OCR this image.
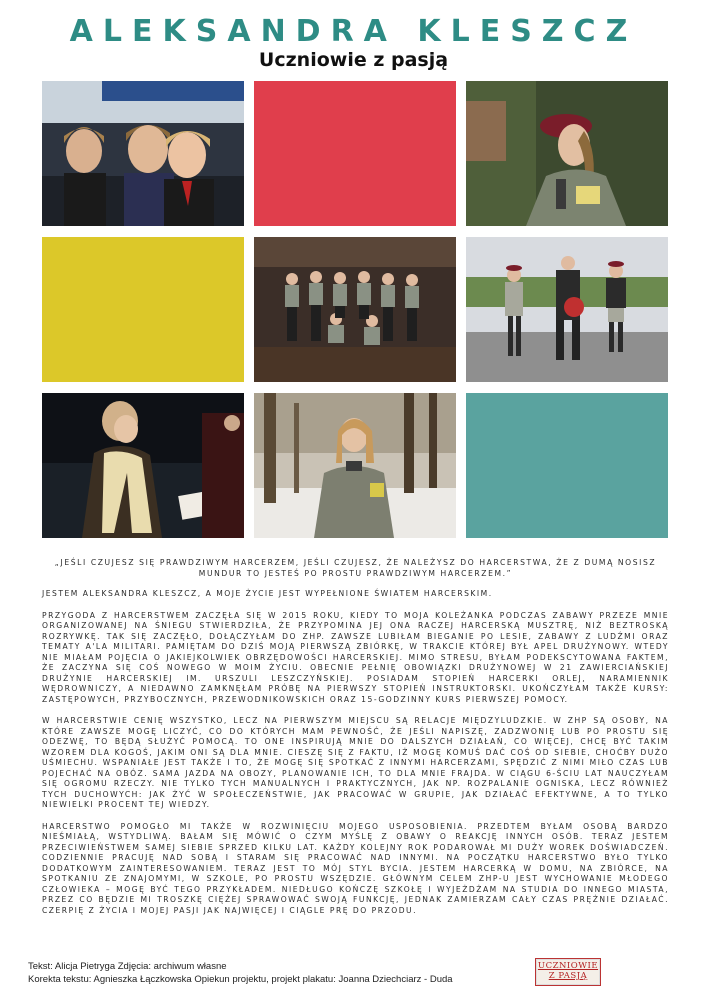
ALEKSANDRA KLESZCZ
Uczniowie z pasją
„JEŚLI CZUJESZ SIĘ PRAWDZIWYM HARCERZEM, JEŚLI CZUJESZ, ŻE NALEŻYSZ DO HARCERSTWA, ŻE Z DUMĄ NOSISZ MUNDUR TO JESTEŚ PO PROSTU PRAWDZIWYM HARCERZEM.”

JESTEM ALEKSANDRA KLESZCZ, A MOJE ŻYCIE JEST WYPEŁNIONE ŚWIATEM HARCERSKIM.

PRZYGODA Z HARCERSTWEM ZACZĘŁA SIĘ W 2015 ROKU, KIEDY TO MOJA KOLEŻANKA PODCZAS ZABAWY PRZEZE MNIE ORGANIZOWANEJ NA ŚNIEGU STWIERDZIŁA, ŻE PRZYPOMINA JEJ ONA RACZEJ HARCERSKĄ MUSZTRĘ, NIŻ BEZTROSKĄ ROZRYWKĘ. TAK SIĘ ZACZĘŁO, DOŁĄCZYŁAM DO ZHP. ZAWSZE LUBIŁAM BIEGANIE PO LESIE, ZABAWY Z LUDŹMI ORAZ TEMATY A'LA MILITARI. PAMIĘTAM DO DZIŚ MOJĄ PIERWSZĄ ZBIÓRKĘ, W TRAKCIE KTÓREJ BYŁ APEL DRUŻYNOWY. WTEDY NIE MIAŁAM POJĘCIA O JAKIEJKOLWIEK OBRZĘDOWOŚCI HARCERSKIEJ. MIMO STRESU, BYŁAM PODEKSCYTOWANA FAKTEM, ŻE ZACZYNA SIĘ COŚ NOWEGO W MOIM ŻYCIU. OBECNIE PEŁNIĘ OBOWIĄZKI DRUŻYNOWEJ W 21 ZAWIERCIAŃSKIEJ DRUŻYNIE HARCERSKIEJ IM. URSZULI LESZCZYŃSKIEJ. POSIADAM STOPIEŃ HARCERKI ORLEJ, NARAMIENNIK WĘDROWNICZY, A NIEDAWNO ZAMKNĘŁAM PRÓBĘ NA PIERWSZY STOPIEŃ INSTRUKTORSKI. UKOŃCZYŁAM TAKŻE KURSY: ZASTĘPOWYCH, PRZYBOCZNYCH, PRZEWODNIKOWSKICH ORAZ 15-GODZINNY KURS PIERWSZEJ POMOCY.

W HARCERSTWIE CENIĘ WSZYSTKO, LECZ NA PIERWSZYM MIEJSCU SĄ RELACJE MIĘDZYLUDZKIE. W ZHP SĄ OSOBY, NA KTÓRE ZAWSZE MOGĘ LICZYĆ, CO DO KTÓRYCH MAM PEWNOŚĆ, ŻE JEŚLI NAPISZĘ, ZADZWONIĘ LUB PO PROSTU SIĘ ODEZWĘ, TO BĘDĄ SŁUŻYĆ POMOCĄ. TO ONE INSPIRUJĄ MNIE DO DALSZYCH DZIAŁAŃ, CO WIĘCEJ, CHCĘ BYĆ TAKIM WZOREM DLA KOGOŚ, JAKIM ONI SĄ DLA MNIE. CIESZĘ SIĘ Z FAKTU, IŻ MOGĘ KOMUŚ DAĆ COŚ OD SIEBIE, CHOĆBY DUŻO UŚMIECHU. WSPANIAŁE JEST TAKŻE I TO, ŻE MOGĘ SIĘ SPOTKAĆ Z INNYMI HARCERZAMI, SPĘDZIĆ Z NIMI MIŁO CZAS LUB POJECHAĆ NA OBÓZ. SAMA JAZDA NA OBOZY, PLANOWANIE ICH, TO DLA MNIE FRAJDA. W CIĄGU 6-ŚCIU LAT NAUCZYŁAM SIĘ OGROMU RZECZY. NIE TYLKO TYCH MANUALNYCH I PRAKTYCZNYCH, JAK NP. ROZPALANIE OGNISKA, LECZ RÓWNIEŻ TYCH DUCHOWYCH: JAK ŻYĆ W SPOŁECZEŃSTWIE, JAK PRACOWAĆ W GRUPIE, JAK DZIAŁAĆ EFEKTYWNE, A TO TYLKO NIEWIELKI PROCENT TEJ WIEDZY.

HARCERSTWO POMOGŁO MI TAKŻE W ROZWINIĘCIU MOJEGO USPOSOBIENIA. PRZEDTEM BYŁAM OSOBĄ BARDZO NIEŚMIAŁĄ, WSTYDLIWĄ. BAŁAM SIĘ MÓWIĆ O CZYM MYŚLĘ Z OBAWY O REAKCJĘ INNYCH OSÓB. TERAZ JESTEM PRZECIWIEŃSTWEM SAMEJ SIEBIE SPRZED KILKU LAT. KAŻDY KOLEJNY ROK PODAROWAŁ MI DUŻY WOREK DOŚWIADCZEŃ. CODZIENNIE PRACUJĘ NAD SOBĄ I STARAM SIĘ PRACOWAĆ NAD INNYMI. NA POCZĄTKU HARCERSTWO BYŁO TYLKO DODATKOWYM ZAINTERESOWANIEM. TERAZ JEST TO MÓJ STYL BYCIA. JESTEM HARCERKĄ W DOMU, NA ZBIÓRCE, NA SPOTKANIU ZE ZNAJOMYMI, W SZKOLE, PO PROSTU WSZĘDZIE. GŁÓWNYM CELEM ZHP-U JEST WYCHOWANIE MŁODEGO CZŁOWIEKA – MOGĘ BYĆ TEGO PRZYKŁADEM. NIEDŁUGO KOŃCZĘ SZKOŁĘ I WYJEŻDŻAM NA STUDIA DO INNEGO MIASTA, PRZEZ CO BĘDZIE MI TROSZKĘ CIĘŻEJ SPRAWOWAĆ SWOJĄ FUNKCJĘ, JEDNAK ZAMIERZAM CAŁY CZAS PRĘŻNIE DZIAŁAĆ. CZERPIĘ Z ŻYCIA I MOJEJ PASJI JAK NAJWIĘCEJ I CIĄGLE PRĘ DO PRZODU.

Tekst: Alicja Pietryga Zdjęcia: archiwum własne
Korekta tekstu: Agnieszka Łączkowska Opiekun projektu, projekt plakatu: Joanna Dziechciarz - Duda
UCZNIOWIE
Z PASJĄ
